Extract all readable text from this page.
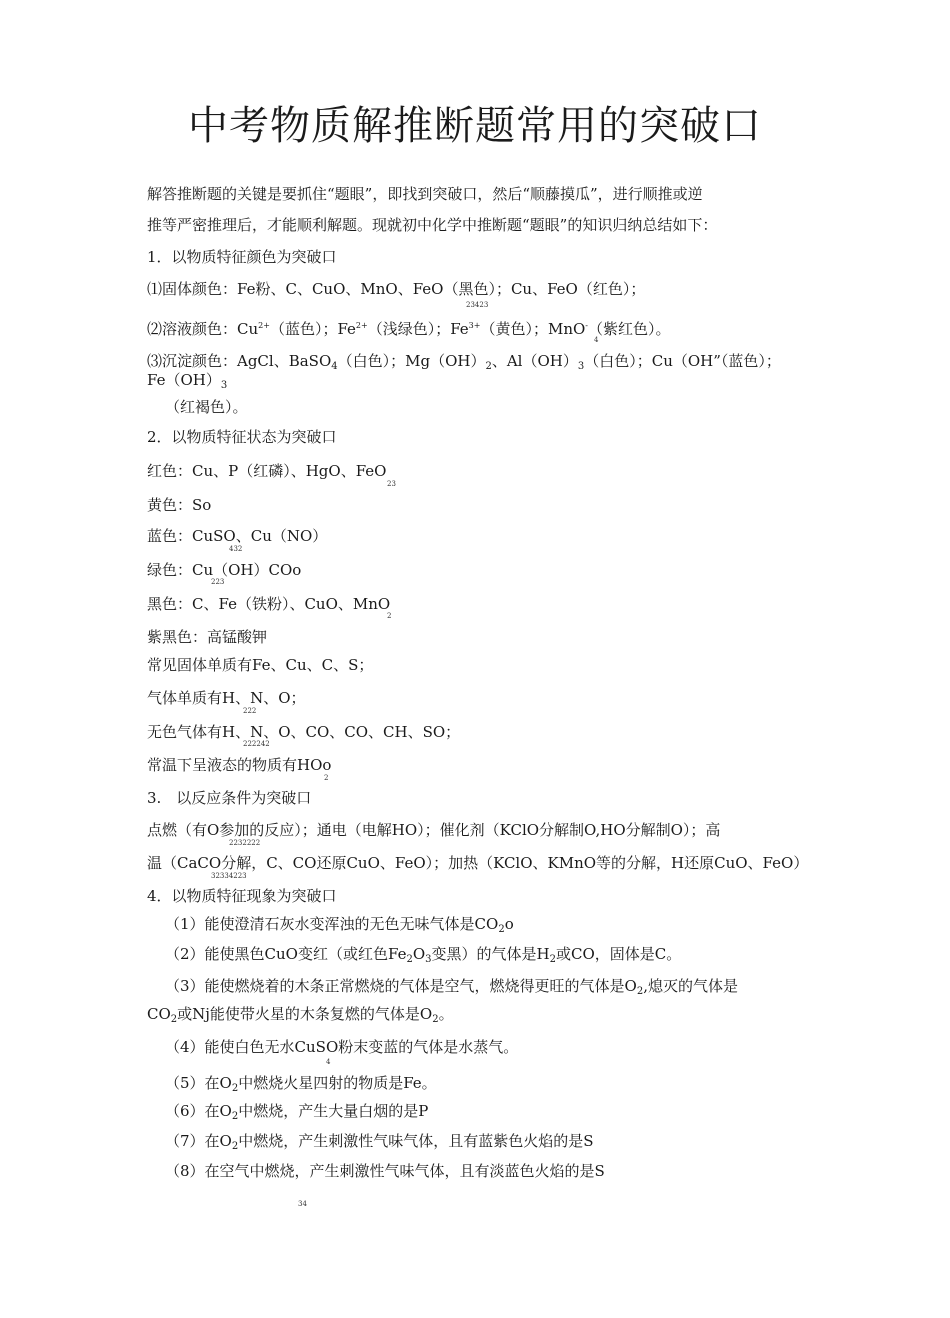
中考物质解推断题常用的突破口
解答推断题的关键是要抓住“题眼”，即找到突破口，然后“顺藤摸瓜”，进行顺推或逆
推等严密推理后，才能顺利解题。现就初中化学中推断题“题眼”的知识归纳总结如下：
1．以物质特征颜色为突破口
⑴固体颜色：Fe粉、C、CuO、MnO、FeO（黑色）；Cu、FeO（红色）；
23423
⑵溶液颜色：$Cu^{2+}$（蓝色）；$Fe^{2+}$（浅绿色）；$Fe^{3+}$（黄色）；MnO-（紫红色）。
4
⑶沉淀颜色：AgCl、BaSO$_4$（白色）；$Mg(OH)_2$、$Al(OH)_3$（白色）；Cu（OH”（蓝色）；
$Fe(OH)_3$
（红褐色）。
2．以物质特征状态为突破口
红色：Cu、P（红磷）、HgO、FeO
23
黄色：So
蓝色：CuSO、Cu（NO）
432
绿色：Cu（OH）COo
223
黑色：C、Fe（铁粉）、CuO、MnO
2
紫黑色：高锰酸钾
常见固体单质有Fe、Cu、C、S；
气体单质有H、N、O；
222
无色气体有H、N、O、CO、CO、CH、SO；
222242
常温下呈液态的物质有HOo
2
3.　以反应条件为突破口
点燃（有O参加的反应）；通电（电解HO）；催化剂（KClO分解制O,HO分解制O）；高
2232222
温（CaCO分解，C、CO还原CuO、FeO）；加热（KClO、KMnO等的分解，H还原CuO、FeO）
32334223
4．以物质特征现象为突破口
（1）能使澄清石灰水变浑浊的无色无味气体是$CO_2o$
（2）能使黑色CuO变红（或红色$Fe_2O_3$变黑）的气体是$H_2$或CO，固体是C。
（3）能使燃烧着的木条正常燃烧的气体是空气，燃烧得更旺的气体是$O_2$,熄灭的气体是
$CO_2$或Nj能使带火星的木条复燃的气体是$O_2$。
（4）能使白色无水CuSO粉末变蓝的气体是水蒸气。
4
（5）在$O_2$中燃烧火星四射的物质是Fe。
（6）在$O_2$中燃烧，产生大量白烟的是P
（7）在$O_2$中燃烧，产生刺激性气味气体，且有蓝紫色火焰的是S
（8）在空气中燃烧，产生刺激性气味气体，且有淡蓝色火焰的是S
34
